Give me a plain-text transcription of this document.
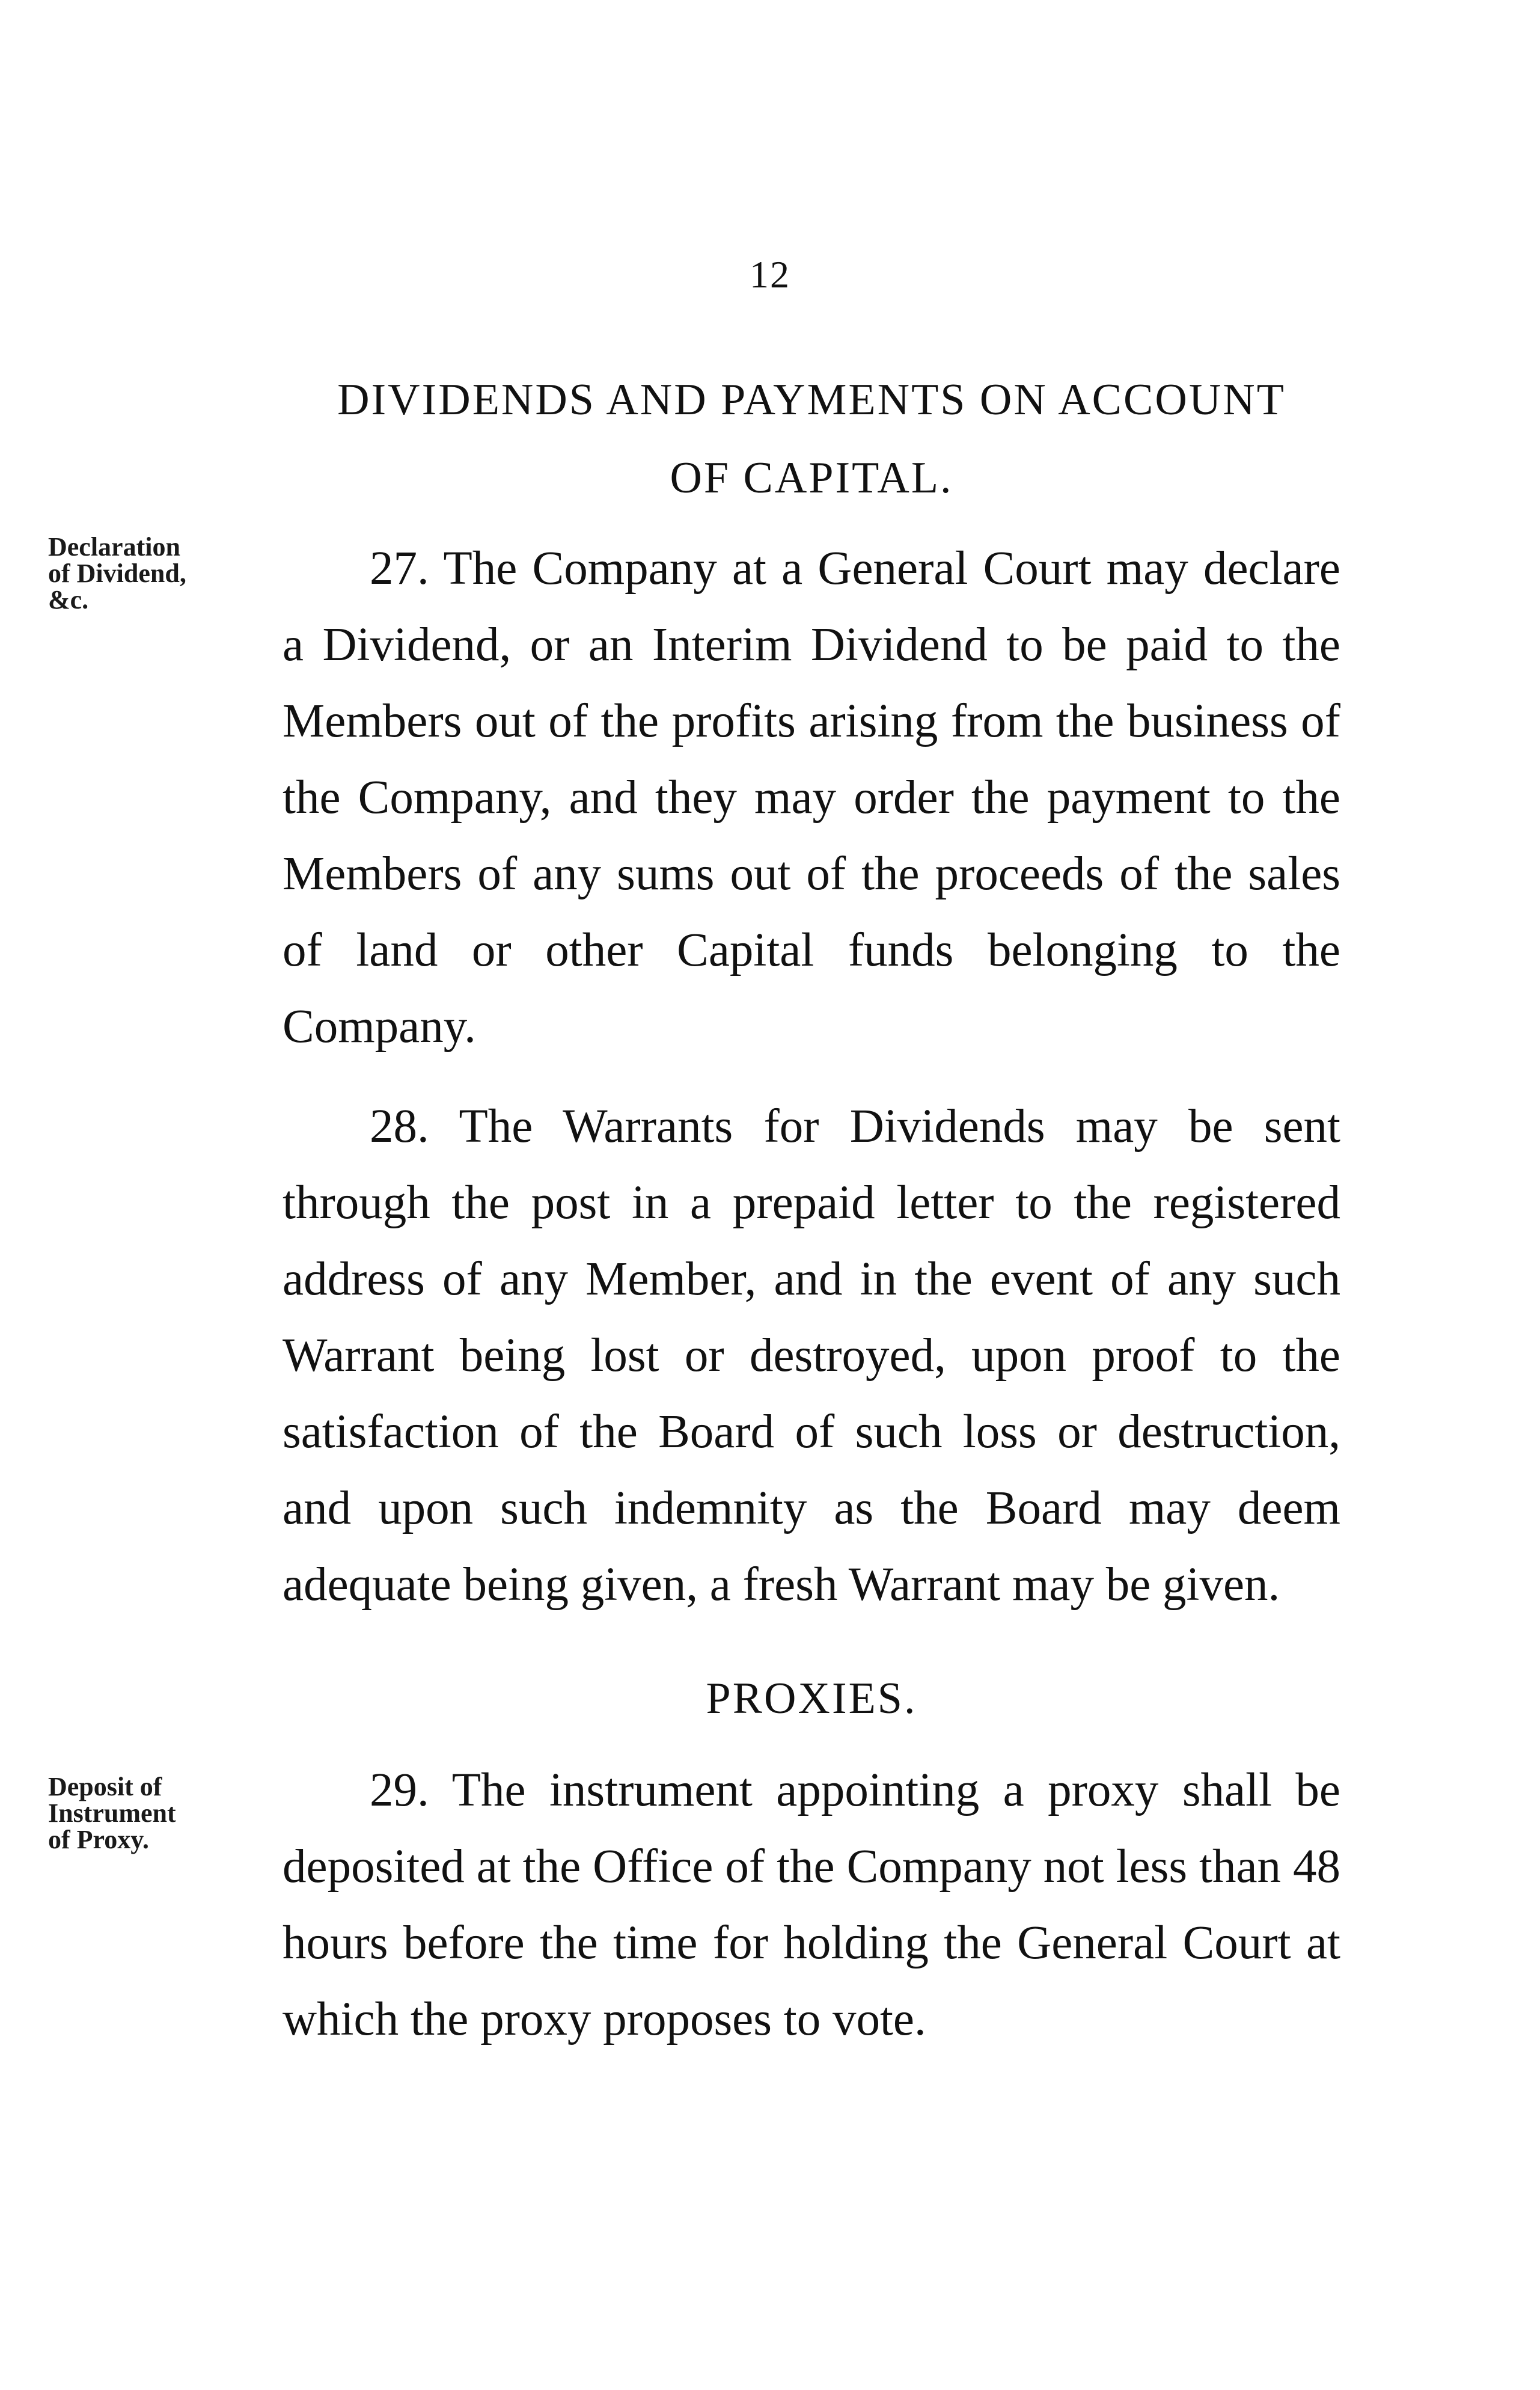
12
DIVIDENDS AND PAYMENTS ON ACCOUNT
OF CAPITAL.
Declaration
of Dividend,
&c.

27. The Company at a General Court may declare a Dividend, or an Interim Dividend to be paid to the Members out of the profits arising from the business of the Company, and they may order the payment to the Members of any sums out of the proceeds of the sales of land or other Capital funds belonging to the Company.

28. The Warrants for Dividends may be sent through the post in a prepaid letter to the registered address of any Member, and in the event of any such Warrant being lost or destroyed, upon proof to the satisfaction of the Board of such loss or destruction, and upon such indemnity as the Board may deem adequate being given, a fresh Warrant may be given.

PROXIES.
Deposit of
Instrument
of Proxy.

29. The instrument appointing a proxy shall be deposited at the Office of the Company not less than 48 hours before the time for holding the General Court at which the proxy proposes to vote.
